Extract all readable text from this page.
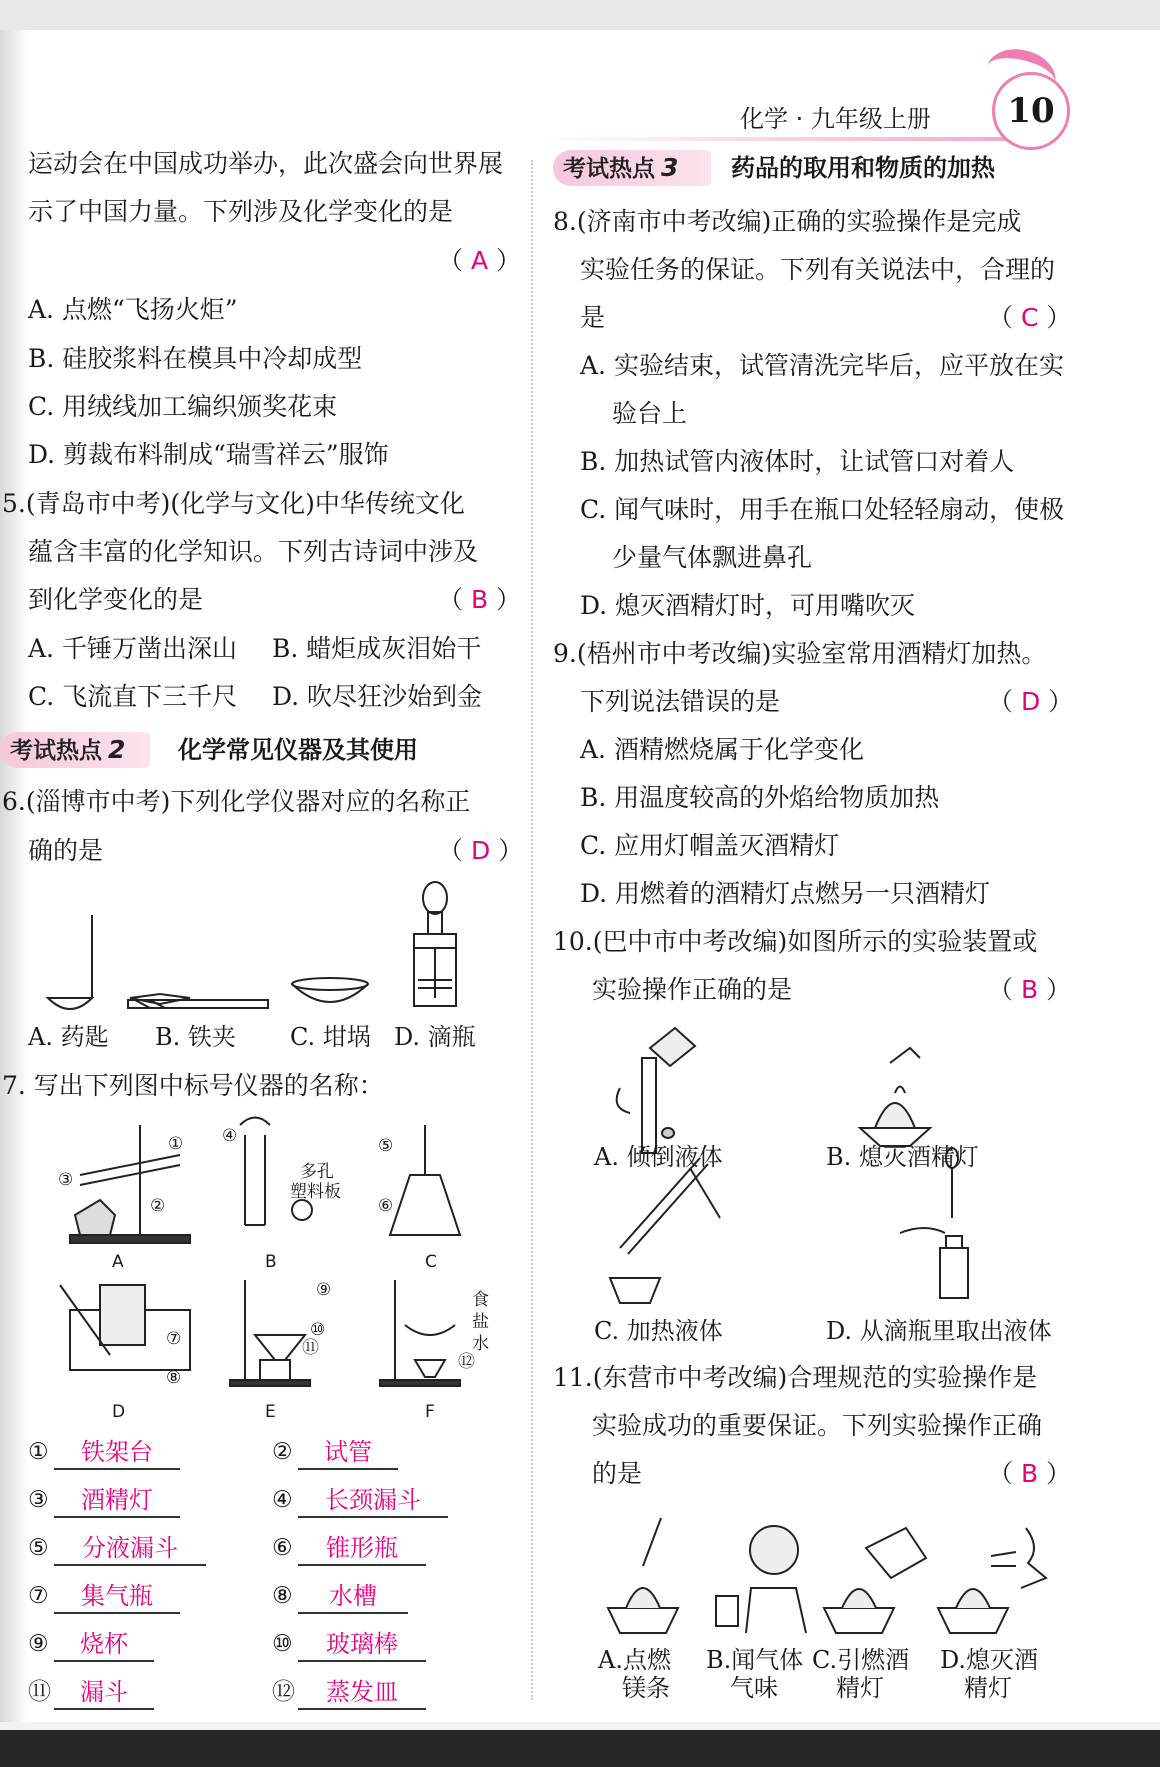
化学 · 九年级上册	10
运动会在中国成功举办，此次盛会向世界展
示了中国力量。下列涉及化学变化的是
（ A ）
A. 点燃“飞扬火炬”
B. 硅胶浆料在模具中冷却成型
C. 用绒线加工编织颁奖花束
D. 剪裁布料制成“瑞雪祥云”服饰
5.(青岛市中考)(化学与文化)中华传统文化
蕴含丰富的化学知识。下列古诗词中涉及
到化学变化的是	（ B ）
A. 千锤万凿出深山 B. 蜡炬成灰泪始干
C. 飞流直下三千尺 D. 吹尽狂沙始到金
考试热点 2	化学常见仪器及其使用
6.(淄博市中考)下列化学仪器对应的名称正
确的是	（ D ）
A. 药匙 B. 铁夹 C. 坩埚 D. 滴瓶
7. 写出下列图中标号仪器的名称：
A	B	C
D	E	F
①
②
③
④	⑤
⑥
⑦
⑧
⑨
⑩
⑪
⑫
多孔
塑料板
食
盐
水
①	铁架台	②	试管
③	酒精灯	④	长颈漏斗
⑤	分液漏斗	⑥	锥形瓶
⑦	集气瓶	⑧	水槽
⑨	烧杯	⑩	玻璃棒
⑪	漏斗	⑫	蒸发皿
考试热点 3	药品的取用和物质的加热
8.(济南市中考改编)正确的实验操作是完成
实验任务的保证。下列有关说法中，合理的
是	（ C ）
A. 实验结束，试管清洗完毕后，应平放在实
验台上
B. 加热试管内液体时，让试管口对着人
C. 闻气味时，用手在瓶口处轻轻扇动，使极
少量气体飘进鼻孔
D. 熄灭酒精灯时，可用嘴吹灭
9.(梧州市中考改编)实验室常用酒精灯加热。
下列说法错误的是	（ D ）
A. 酒精燃烧属于化学变化
B. 用温度较高的外焰给物质加热
C. 应用灯帽盖灭酒精灯
D. 用燃着的酒精灯点燃另一只酒精灯
10.(巴中市中考改编)如图所示的实验装置或
实验操作正确的是	（ B ）
A. 倾倒液体	B. 熄灭酒精灯
C. 加热液体	D. 从滴瓶里取出液体
11.(东营市中考改编)合理规范的实验操作是
实验成功的重要保证。下列实验操作正确
的是	（ B ）
A.点燃
镁条
B.闻气体
气味
C.引燃酒
精灯
D.熄灭酒
精灯
